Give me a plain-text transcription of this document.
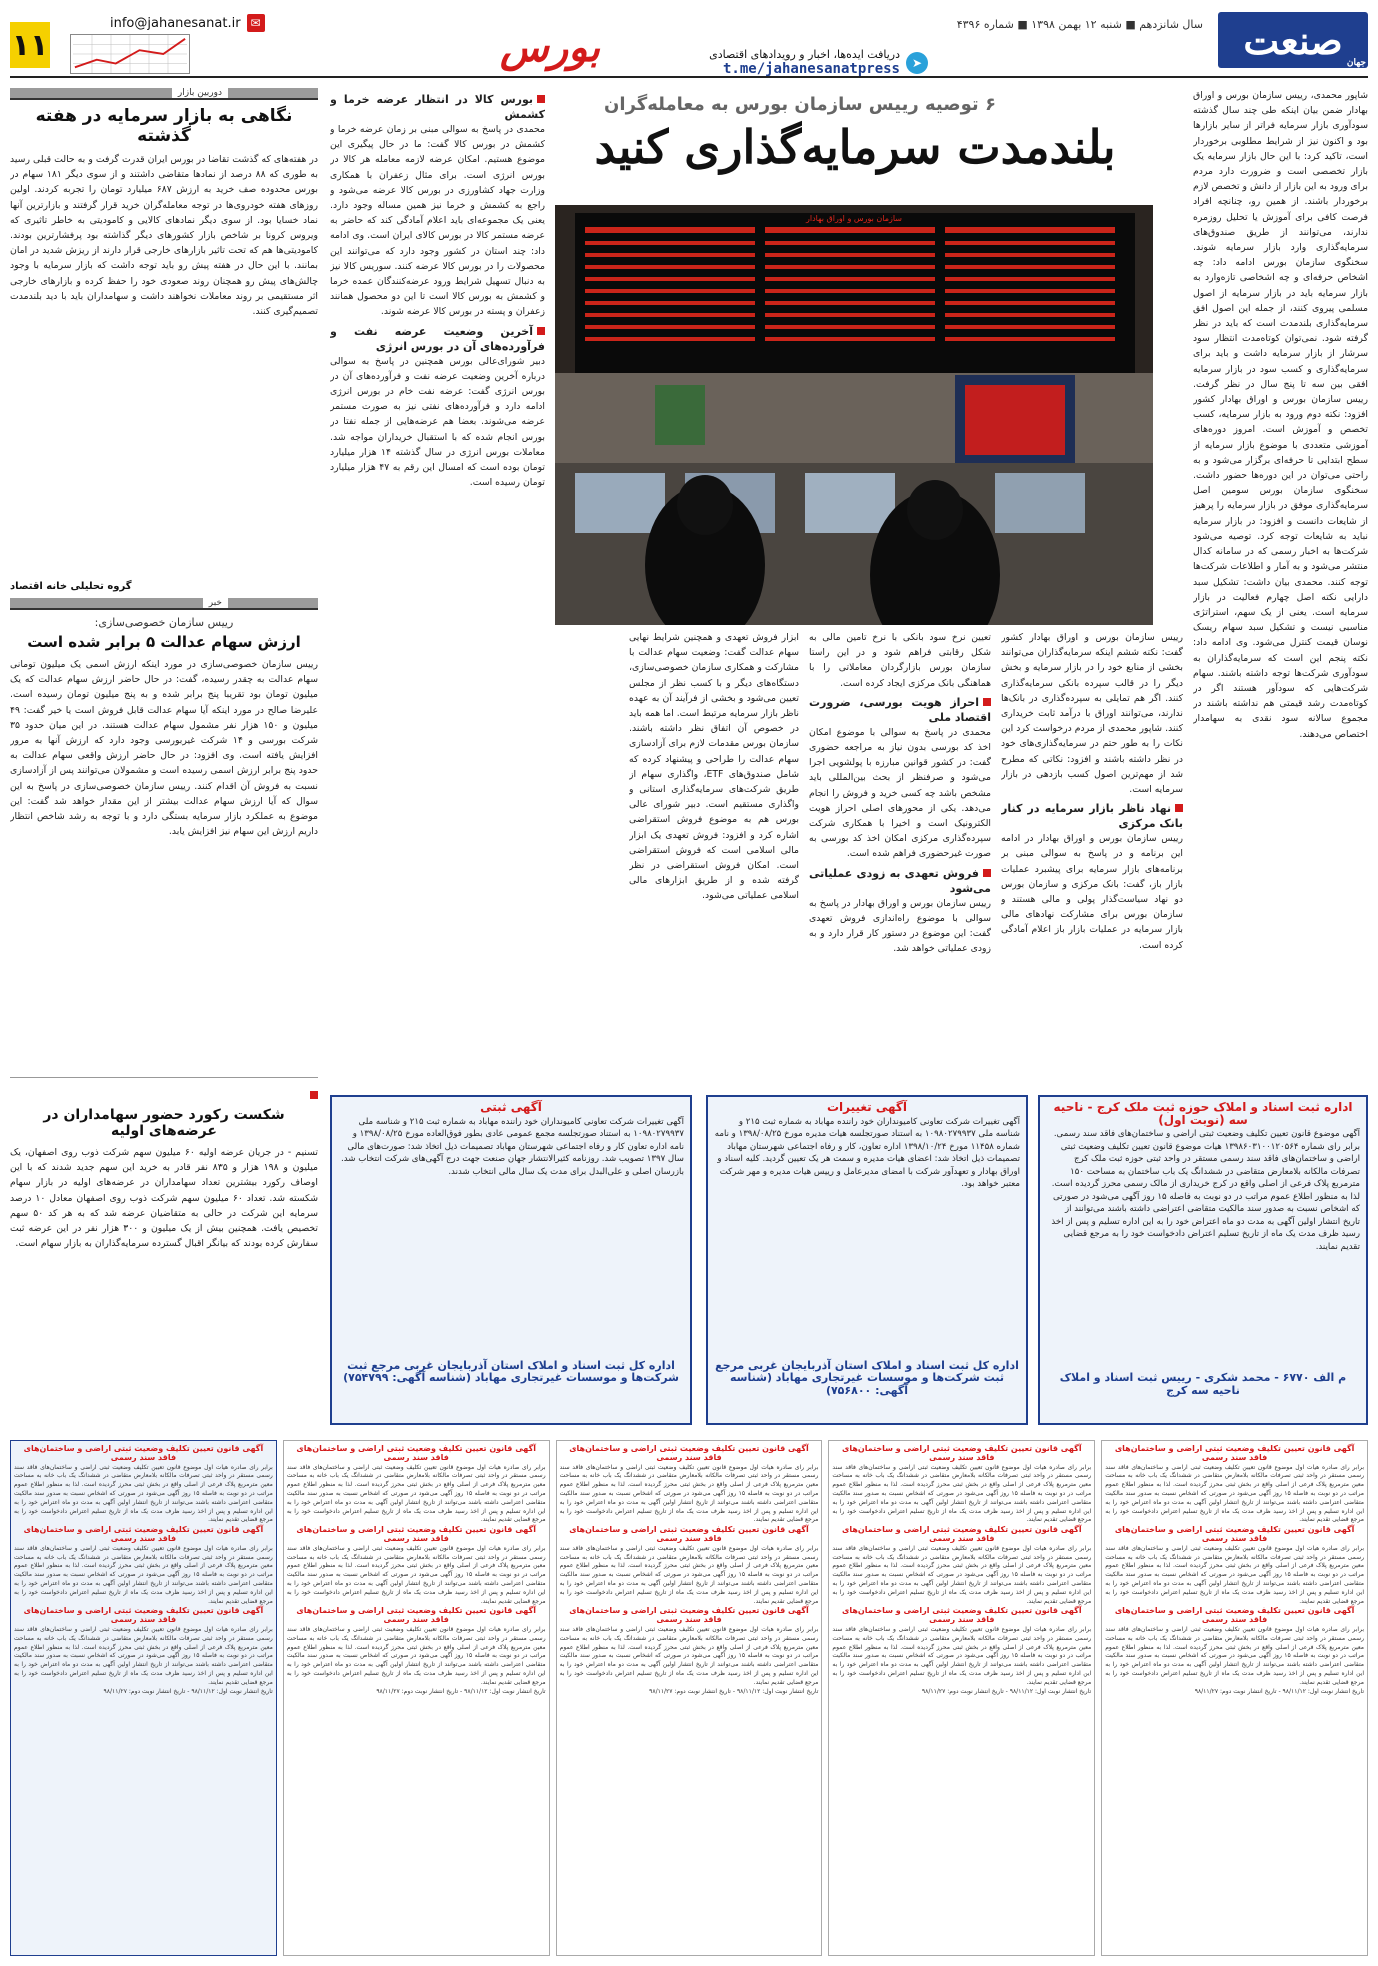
صنعت
جهان
سال شانزدهم ■ شنبه ۱۲ بهمن ۱۳۹۸ ■ شماره ۴۳۹۶
➤
دریافت ایده‌ها، اخبار و رویدادهای اقتصادی
t.me/jahanesanatpress
بورس
info@jahanesanat.ir ✉
۱۱
دوربین بازار
نگاهی به بازار سرمایه در هفته گذشته
در هفته‌های که گذشت تقاضا در بورس ایران قدرت گرفت و به حالت قبلی رسید به طوری که ۸۸ درصد از نمادها متقاضی داشتند و از سوی دیگر ۱۸۱ سهام در بورس محدوده صف خرید به ارزش ۶۸۷ میلیارد تومان را تجربه کردند. اولین روزهای هفته خودروی‌ها در توجه معامله‌گران خرید قرار گرفتند و بازارترین آنها نماد خسایا بود. از سوی دیگر نمادهای کالایی و کامودیتی به خاطر تاثیری که ویروس کرونا بر شاخص بازار کشورهای دیگر گذاشته بود پرفشارترین بودند. کامودیتی‌ها هم که تحت تاثیر بازارهای خارجی قرار دارند از ریزش شدید در امان بمانند. با این حال در هفته پیش رو باید توجه داشت که بازار سرمایه با وجود چالش‌های پیش رو همچنان روند صعودی خود را حفظ کرده و بازارهای خارجی اثر مستقیمی بر روند معاملات نخواهند داشت و سهامداران باید با دید بلندمدت تصمیم‌گیری کنند.
گروه تحلیلی خانه اقتصاد
خبر
رییس سازمان خصوصی‌سازی:
ارزش سهام عدالت ۵ برابر شده است
رییس سازمان خصوصی‌سازی در مورد اینکه ارزش اسمی یک میلیون تومانی سهام عدالت به چقدر رسیده، گفت: در حال حاضر ارزش سهام عدالت که یک میلیون تومان بود تقریبا پنج برابر شده و به پنج میلیون تومان رسیده است. علیرضا صالح در مورد اینکه آیا سهام عدالت قابل فروش است یا خیر گفت: ۴۹ میلیون و ۱۵۰ هزار نفر مشمول سهام عدالت هستند. در این میان حدود ۳۵ شرکت بورسی و ۱۴ شرکت غیربورسی وجود دارد که ارزش آنها به مرور افزایش یافته است. وی افزود: در حال حاضر ارزش واقعی سهام عدالت به حدود پنج برابر ارزش اسمی رسیده است و مشمولان می‌توانند پس از آزادسازی نسبت به فروش آن اقدام کنند. رییس سازمان خصوصی‌سازی در پاسخ به این سوال که آیا ارزش سهام عدالت بیشتر از این مقدار خواهد شد گفت: این موضوع به عملکرد بازار سرمایه بستگی دارد و با توجه به رشد شاخص انتظار داریم ارزش این سهام نیز افزایش یابد.
شکست رکورد حضور سهامداران در عرضه‌های اولیه
تسنیم - در جریان عرضه اولیه ۶۰ میلیون سهم شرکت ذوب روی اصفهان، یک میلیون و ۱۹۸ هزار و ۸۳۵ نفر قادر به خرید این سهم جدید شدند که با این اوصاف رکورد بیشترین تعداد سهامداران در عرضه‌های اولیه در بازار سهام شکسته شد. تعداد ۶۰ میلیون سهم شرکت ذوب روی اصفهان معادل ۱۰ درصد سرمایه این شرکت در حالی به متقاضیان عرضه شد که به هر کد ۵۰ سهم تخصیص یافت. همچنین بیش از یک میلیون و ۳۰۰ هزار نفر در این عرضه ثبت سفارش کرده بودند که بیانگر اقبال گسترده سرمایه‌گذاران به بازار سهام است.
۶ توصیه رییس سازمان بورس به معامله‌گران
بلندمدت سرمایه‌گذاری کنید
سازمان بورس و اوراق بهادار
شاپور محمدی، رییس سازمان بورس و اوراق بهادار ضمن بیان اینکه طی چند سال گذشته سودآوری بازار سرمایه فراتر از سایر بازارها بود و اکنون نیز از شرایط مطلوبی برخوردار است، تاکید کرد: با این حال بازار سرمایه یک بازار تخصصی است و ضرورت دارد مردم برای ورود به این بازار از دانش و تخصص لازم برخوردار باشند. از همین رو، چنانچه افراد فرصت کافی برای آموزش یا تحلیل روزمره ندارند، می‌توانند از طریق صندوق‌های سرمایه‌گذاری وارد بازار سرمایه شوند. سخنگوی سازمان بورس ادامه داد: چه اشخاص حرفه‌ای و چه اشخاصی تازه‌وارد به بازار سرمایه باید در بازار سرمایه از اصول مسلمی پیروی کنند، از جمله این اصول افق سرمایه‌گذاری بلندمدت است که باید در نظر گرفته شود. نمی‌توان کوتاه‌مدت انتظار سود سرشار از بازار سرمایه داشت و باید برای سرمایه‌گذاری و کسب سود در بازار سرمایه افقی بین سه تا پنج سال در نظر گرفت. رییس سازمان بورس و اوراق بهادار کشور افزود: نکته دوم ورود به بازار سرمایه، کسب تخصص و آموزش است. امروز دوره‌های آموزشی متعددی با موضوع بازار سرمایه از سطح ابتدایی تا حرفه‌ای برگزار می‌شود و به راحتی می‌توان در این دوره‌ها حضور داشت. سخنگوی سازمان بورس سومین اصل سرمایه‌گذاری موفق در بازار سرمایه را پرهیز از شایعات دانست و افزود: در بازار سرمایه نباید به شایعات توجه کرد. توصیه می‌شود شرکت‌ها به اخبار رسمی که در سامانه کدال منتشر می‌شود و به آمار و اطلاعات شرکت‌ها توجه کنند. محمدی بیان داشت: تشکیل سبد دارایی نکته اصل چهارم فعالیت در بازار سرمایه است. یعنی از یک سهم، استراتژی مناسبی نیست و تشکیل سبد سهام ریسک نوسان قیمت کنترل می‌شود. وی ادامه داد: نکته پنجم این است که سرمایه‌گذاران به سودآوری شرکت‌ها توجه داشته باشند. سهام شرکت‌هایی که سودآور هستند اگر در کوتاه‌مدت رشد قیمتی هم نداشته باشند در مجموع سالانه سود نقدی به سهامدار اختصاص می‌دهند.
رییس سازمان بورس و اوراق بهادار کشور گفت: نکته ششم اینکه سرمایه‌گذاران می‌توانند بخشی از منابع خود را در بازار سرمایه و بخش دیگر را در قالب سپرده بانکی سرمایه‌گذاری کنند. اگر هم تمایلی به سپرده‌گذاری در بانک‌ها ندارند، می‌توانند اوراق با درآمد ثابت خریداری کنند. شاپور محمدی از مردم درخواست کرد این نکات را به طور حتم در سرمایه‌گذاری‌های خود در نظر داشته باشند و افزود: نکاتی که مطرح شد از مهم‌ترین اصول کسب بازدهی در بازار سرمایه است.
نهاد ناظر بازار سرمایه در کنار بانک مرکزی
رییس سازمان بورس و اوراق بهادار در ادامه این برنامه و در پاسخ به سوالی مبنی بر برنامه‌های بازار سرمایه برای پیشبرد عملیات بازار باز، گفت: بانک مرکزی و سازمان بورس دو نهاد سیاست‌گذار پولی و مالی هستند و سازمان بورس برای مشارکت نهادهای مالی بازار سرمایه در عملیات بازار باز اعلام آمادگی کرده است.
تعیین نرخ سود بانکی با نرخ تامین مالی به شکل رقابتی فراهم شود و در این راستا سازمان بورس بازارگردان معاملاتی را با هماهنگی بانک مرکزی ایجاد کرده است.
احراز هویت بورسی، ضرورت اقتصاد ملی
محمدی در پاسخ به سوالی با موضوع امکان اخذ کد بورسی بدون نیاز به مراجعه حضوری گفت: در کشور قوانین مبارزه با پولشویی اجرا می‌شود و صرفنظر از بحث بین‌المللی باید مشخص باشد چه کسی خرید و فروش را انجام می‌دهد. یکی از محورهای اصلی احراز هویت الکترونیک است و اخیرا با همکاری شرکت سپرده‌گذاری مرکزی امکان اخذ کد بورسی به صورت غیرحضوری فراهم شده است.
فروش تعهدی به زودی عملیاتی می‌شود
رییس سازمان بورس و اوراق بهادار در پاسخ به سوالی با موضوع راه‌اندازی فروش تعهدی گفت: این موضوع در دستور کار قرار دارد و به زودی عملیاتی خواهد شد.
ابزار فروش تعهدی و همچنین شرایط نهایی سهام عدالت گفت: وضعیت سهام عدالت با مشارکت و همکاری سازمان خصوصی‌سازی، دستگاه‌های دیگر و با کسب نظر از مجلس تعیین می‌شود و بخشی از فرآیند آن به عهده ناظر بازار سرمایه مرتبط است. اما همه باید در خصوص آن اتفاق نظر داشته باشند. سازمان بورس مقدمات لازم برای آزادسازی سهام عدالت را طراحی و پیشنهاد کرده که شامل صندوق‌های ETF، واگذاری سهام از طریق شرکت‌های سرمایه‌گذاری استانی و واگذاری مستقیم است. دبیر شورای عالی بورس هم به موضوع فروش استقراضی اشاره کرد و افزود: فروش تعهدی یک ابزار مالی اسلامی است که فروش استقراضی است. امکان فروش استقراضی در نظر گرفته شده و از طریق ابزارهای مالی اسلامی عملیاتی می‌شود.
بورس کالا در انتظار عرضه خرما و کشمش
محمدی در پاسخ به سوالی مبنی بر زمان عرضه خرما و کشمش در بورس کالا گفت: ما در حال پیگیری این موضوع هستیم. امکان عرضه لازمه معامله هر کالا در بورس انرژی است. برای مثال زعفران با همکاری وزارت جهاد کشاورزی در بورس کالا عرضه می‌شود و راجع به کشمش و خرما نیز همین مساله وجود دارد. یعنی یک مجموعه‌ای باید اعلام آمادگی کند که حاضر به عرضه مستمر کالا در بورس کالای ایران است. وی ادامه داد: چند استان در کشور وجود دارد که می‌توانند این محصولات را در بورس کالا عرضه کنند. سوریس کالا نیز به دنبال تسهیل شرایط ورود عرضه‌کنندگان عمده خرما و کشمش به بورس کالا است تا این دو محصول همانند زعفران و پسته در بورس کالا عرضه شوند.
آخرین وضعیت عرضه نفت و فرآورده‌های آن در بورس انرژی
دبیر شورای‌عالی بورس همچنین در پاسخ به سوالی درباره آخرین وضعیت عرضه نفت و فرآورده‌های آن در بورس انرژی گفت: عرضه نفت خام در بورس انرژی ادامه دارد و فرآورده‌های نفتی نیز به صورت مستمر عرضه می‌شوند. بعضا هم عرضه‌هایی از جمله نفتا در بورس انجام شده که با استقبال خریداران مواجه شد. معاملات بورس انرژی در سال گذشته ۱۴ هزار میلیارد تومان بوده است که امسال این رقم به ۴۷ هزار میلیارد تومان رسیده است.
اداره ثبت اسناد و املاک حوزه ثبت ملک کرج - ناحیه سه (نوبت اول)
آگهی موضوع قانون تعیین تکلیف وضعیت ثبتی اراضی و ساختمان‌های فاقد سند رسمی. برابر رای شماره ۱۳۹۸۶۰۳۱۰۰۱۲۰۵۶۴ هیات موضوع قانون تعیین تکلیف وضعیت ثبتی اراضی و ساختمان‌های فاقد سند رسمی مستقر در واحد ثبتی حوزه ثبت ملک کرج تصرفات مالکانه بلامعارض متقاضی در ششدانگ یک باب ساختمان به مساحت ۱۵۰ مترمربع پلاک فرعی از اصلی واقع در کرج خریداری از مالک رسمی محرز گردیده است. لذا به منظور اطلاع عموم مراتب در دو نوبت به فاصله ۱۵ روز آگهی می‌شود در صورتی که اشخاص نسبت به صدور سند مالکیت متقاضی اعتراضی داشته باشند می‌توانند از تاریخ انتشار اولین آگهی به مدت دو ماه اعتراض خود را به این اداره تسلیم و پس از اخذ رسید ظرف مدت یک ماه از تاریخ تسلیم اعتراض دادخواست خود را به مرجع قضایی تقدیم نمایند.
م الف ۶۷۷۰ - محمد شکری - رییس ثبت اسناد و املاک ناحیه سه کرج
آگهی تغییرات
آگهی تغییرات شرکت تعاونی کامیونداران خود راننده مهاباد به شماره ثبت ۲۱۵ و شناسه ملی ۱۰۹۸۰۲۷۹۹۳۷ به استناد صورتجلسه هیات مدیره مورخ ۱۳۹۸/۰۸/۲۵ و نامه شماره ۱۱۴۵۸ مورخ ۱۳۹۸/۱۰/۲۴ اداره تعاون، کار و رفاه اجتماعی شهرستان مهاباد تصمیمات ذیل اتخاذ شد: اعضای هیات مدیره و سمت هر یک تعیین گردید. کلیه اسناد و اوراق بهادار و تعهدآور شرکت با امضای مدیرعامل و رییس هیات مدیره و مهر شرکت معتبر خواهد بود.
اداره کل ثبت اسناد و املاک استان آذربایجان غربی مرجع ثبت شرکت‌ها و موسسات غیرتجاری مهاباد (شناسه آگهی: ۷۵۶۸۰۰)
آگهی ثبتی
آگهی تغییرات شرکت تعاونی کامیونداران خود راننده مهاباد به شماره ثبت ۲۱۵ و شناسه ملی ۱۰۹۸۰۲۷۹۹۳۷ به استناد صورتجلسه مجمع عمومی عادی بطور فوق‌العاده مورخ ۱۳۹۸/۰۸/۲۵ و نامه اداره تعاون کار و رفاه اجتماعی شهرستان مهاباد تصمیمات ذیل اتخاذ شد: صورت‌های مالی سال ۱۳۹۷ تصویب شد. روزنامه کثیرالانتشار جهان صنعت جهت درج آگهی‌های شرکت انتخاب شد. بازرسان اصلی و علی‌البدل برای مدت یک سال مالی انتخاب شدند.
اداره کل ثبت اسناد و املاک استان آذربایجان غربی مرجع ثبت شرکت‌ها و موسسات غیرتجاری مهاباد (شناسه آگهی: ۷۵۴۷۹۹)
آگهی قانون تعیین تکلیف وضعیت ثبتی اراضی و ساختمان‌های فاقد سند رسمی
برابر رای صادره هیات اول موضوع قانون تعیین تکلیف وضعیت ثبتی اراضی و ساختمان‌های فاقد سند رسمی مستقر در واحد ثبتی تصرفات مالکانه بلامعارض متقاضی در ششدانگ یک باب خانه به مساحت معین مترمربع پلاک فرعی از اصلی واقع در بخش ثبتی محرز گردیده است. لذا به منظور اطلاع عموم مراتب در دو نوبت به فاصله ۱۵ روز آگهی می‌شود در صورتی که اشخاص نسبت به صدور سند مالکیت متقاضی اعتراضی داشته باشند می‌توانند از تاریخ انتشار اولین آگهی به مدت دو ماه اعتراض خود را به این اداره تسلیم و پس از اخذ رسید ظرف مدت یک ماه از تاریخ تسلیم اعتراض دادخواست خود را به مرجع قضایی تقدیم نمایند.
آگهی قانون تعیین تکلیف وضعیت ثبتی اراضی و ساختمان‌های فاقد سند رسمی
برابر رای صادره هیات اول موضوع قانون تعیین تکلیف وضعیت ثبتی اراضی و ساختمان‌های فاقد سند رسمی مستقر در واحد ثبتی تصرفات مالکانه بلامعارض متقاضی در ششدانگ یک باب خانه به مساحت معین مترمربع پلاک فرعی از اصلی واقع در بخش ثبتی محرز گردیده است. لذا به منظور اطلاع عموم مراتب در دو نوبت به فاصله ۱۵ روز آگهی می‌شود در صورتی که اشخاص نسبت به صدور سند مالکیت متقاضی اعتراضی داشته باشند می‌توانند از تاریخ انتشار اولین آگهی به مدت دو ماه اعتراض خود را به این اداره تسلیم و پس از اخذ رسید ظرف مدت یک ماه از تاریخ تسلیم اعتراض دادخواست خود را به مرجع قضایی تقدیم نمایند.
آگهی قانون تعیین تکلیف وضعیت ثبتی اراضی و ساختمان‌های فاقد سند رسمی
برابر رای صادره هیات اول موضوع قانون تعیین تکلیف وضعیت ثبتی اراضی و ساختمان‌های فاقد سند رسمی مستقر در واحد ثبتی تصرفات مالکانه بلامعارض متقاضی در ششدانگ یک باب خانه به مساحت معین مترمربع پلاک فرعی از اصلی واقع در بخش ثبتی محرز گردیده است. لذا به منظور اطلاع عموم مراتب در دو نوبت به فاصله ۱۵ روز آگهی می‌شود در صورتی که اشخاص نسبت به صدور سند مالکیت متقاضی اعتراضی داشته باشند می‌توانند از تاریخ انتشار اولین آگهی به مدت دو ماه اعتراض خود را به این اداره تسلیم و پس از اخذ رسید ظرف مدت یک ماه از تاریخ تسلیم اعتراض دادخواست خود را به مرجع قضایی تقدیم نمایند.
تاریخ انتشار نوبت اول: ۹۸/۱۱/۱۲ - تاریخ انتشار نوبت دوم: ۹۸/۱۱/۲۷
آگهی قانون تعیین تکلیف وضعیت ثبتی اراضی و ساختمان‌های فاقد سند رسمی
برابر رای صادره هیات اول موضوع قانون تعیین تکلیف وضعیت ثبتی اراضی و ساختمان‌های فاقد سند رسمی مستقر در واحد ثبتی تصرفات مالکانه بلامعارض متقاضی در ششدانگ یک باب خانه به مساحت معین مترمربع پلاک فرعی از اصلی واقع در بخش ثبتی محرز گردیده است. لذا به منظور اطلاع عموم مراتب در دو نوبت به فاصله ۱۵ روز آگهی می‌شود در صورتی که اشخاص نسبت به صدور سند مالکیت متقاضی اعتراضی داشته باشند می‌توانند از تاریخ انتشار اولین آگهی به مدت دو ماه اعتراض خود را به این اداره تسلیم و پس از اخذ رسید ظرف مدت یک ماه از تاریخ تسلیم اعتراض دادخواست خود را به مرجع قضایی تقدیم نمایند.
آگهی قانون تعیین تکلیف وضعیت ثبتی اراضی و ساختمان‌های فاقد سند رسمی
برابر رای صادره هیات اول موضوع قانون تعیین تکلیف وضعیت ثبتی اراضی و ساختمان‌های فاقد سند رسمی مستقر در واحد ثبتی تصرفات مالکانه بلامعارض متقاضی در ششدانگ یک باب خانه به مساحت معین مترمربع پلاک فرعی از اصلی واقع در بخش ثبتی محرز گردیده است. لذا به منظور اطلاع عموم مراتب در دو نوبت به فاصله ۱۵ روز آگهی می‌شود در صورتی که اشخاص نسبت به صدور سند مالکیت متقاضی اعتراضی داشته باشند می‌توانند از تاریخ انتشار اولین آگهی به مدت دو ماه اعتراض خود را به این اداره تسلیم و پس از اخذ رسید ظرف مدت یک ماه از تاریخ تسلیم اعتراض دادخواست خود را به مرجع قضایی تقدیم نمایند.
آگهی قانون تعیین تکلیف وضعیت ثبتی اراضی و ساختمان‌های فاقد سند رسمی
برابر رای صادره هیات اول موضوع قانون تعیین تکلیف وضعیت ثبتی اراضی و ساختمان‌های فاقد سند رسمی مستقر در واحد ثبتی تصرفات مالکانه بلامعارض متقاضی در ششدانگ یک باب خانه به مساحت معین مترمربع پلاک فرعی از اصلی واقع در بخش ثبتی محرز گردیده است. لذا به منظور اطلاع عموم مراتب در دو نوبت به فاصله ۱۵ روز آگهی می‌شود در صورتی که اشخاص نسبت به صدور سند مالکیت متقاضی اعتراضی داشته باشند می‌توانند از تاریخ انتشار اولین آگهی به مدت دو ماه اعتراض خود را به این اداره تسلیم و پس از اخذ رسید ظرف مدت یک ماه از تاریخ تسلیم اعتراض دادخواست خود را به مرجع قضایی تقدیم نمایند.
تاریخ انتشار نوبت اول: ۹۸/۱۱/۱۲ - تاریخ انتشار نوبت دوم: ۹۸/۱۱/۲۷
آگهی قانون تعیین تکلیف وضعیت ثبتی اراضی و ساختمان‌های فاقد سند رسمی
برابر رای صادره هیات اول موضوع قانون تعیین تکلیف وضعیت ثبتی اراضی و ساختمان‌های فاقد سند رسمی مستقر در واحد ثبتی تصرفات مالکانه بلامعارض متقاضی در ششدانگ یک باب خانه به مساحت معین مترمربع پلاک فرعی از اصلی واقع در بخش ثبتی محرز گردیده است. لذا به منظور اطلاع عموم مراتب در دو نوبت به فاصله ۱۵ روز آگهی می‌شود در صورتی که اشخاص نسبت به صدور سند مالکیت متقاضی اعتراضی داشته باشند می‌توانند از تاریخ انتشار اولین آگهی به مدت دو ماه اعتراض خود را به این اداره تسلیم و پس از اخذ رسید ظرف مدت یک ماه از تاریخ تسلیم اعتراض دادخواست خود را به مرجع قضایی تقدیم نمایند.
آگهی قانون تعیین تکلیف وضعیت ثبتی اراضی و ساختمان‌های فاقد سند رسمی
برابر رای صادره هیات اول موضوع قانون تعیین تکلیف وضعیت ثبتی اراضی و ساختمان‌های فاقد سند رسمی مستقر در واحد ثبتی تصرفات مالکانه بلامعارض متقاضی در ششدانگ یک باب خانه به مساحت معین مترمربع پلاک فرعی از اصلی واقع در بخش ثبتی محرز گردیده است. لذا به منظور اطلاع عموم مراتب در دو نوبت به فاصله ۱۵ روز آگهی می‌شود در صورتی که اشخاص نسبت به صدور سند مالکیت متقاضی اعتراضی داشته باشند می‌توانند از تاریخ انتشار اولین آگهی به مدت دو ماه اعتراض خود را به این اداره تسلیم و پس از اخذ رسید ظرف مدت یک ماه از تاریخ تسلیم اعتراض دادخواست خود را به مرجع قضایی تقدیم نمایند.
آگهی قانون تعیین تکلیف وضعیت ثبتی اراضی و ساختمان‌های فاقد سند رسمی
برابر رای صادره هیات اول موضوع قانون تعیین تکلیف وضعیت ثبتی اراضی و ساختمان‌های فاقد سند رسمی مستقر در واحد ثبتی تصرفات مالکانه بلامعارض متقاضی در ششدانگ یک باب خانه به مساحت معین مترمربع پلاک فرعی از اصلی واقع در بخش ثبتی محرز گردیده است. لذا به منظور اطلاع عموم مراتب در دو نوبت به فاصله ۱۵ روز آگهی می‌شود در صورتی که اشخاص نسبت به صدور سند مالکیت متقاضی اعتراضی داشته باشند می‌توانند از تاریخ انتشار اولین آگهی به مدت دو ماه اعتراض خود را به این اداره تسلیم و پس از اخذ رسید ظرف مدت یک ماه از تاریخ تسلیم اعتراض دادخواست خود را به مرجع قضایی تقدیم نمایند.
تاریخ انتشار نوبت اول: ۹۸/۱۱/۱۲ - تاریخ انتشار نوبت دوم: ۹۸/۱۱/۲۷
آگهی قانون تعیین تکلیف وضعیت ثبتی اراضی و ساختمان‌های فاقد سند رسمی
برابر رای صادره هیات اول موضوع قانون تعیین تکلیف وضعیت ثبتی اراضی و ساختمان‌های فاقد سند رسمی مستقر در واحد ثبتی تصرفات مالکانه بلامعارض متقاضی در ششدانگ یک باب خانه به مساحت معین مترمربع پلاک فرعی از اصلی واقع در بخش ثبتی محرز گردیده است. لذا به منظور اطلاع عموم مراتب در دو نوبت به فاصله ۱۵ روز آگهی می‌شود در صورتی که اشخاص نسبت به صدور سند مالکیت متقاضی اعتراضی داشته باشند می‌توانند از تاریخ انتشار اولین آگهی به مدت دو ماه اعتراض خود را به این اداره تسلیم و پس از اخذ رسید ظرف مدت یک ماه از تاریخ تسلیم اعتراض دادخواست خود را به مرجع قضایی تقدیم نمایند.
آگهی قانون تعیین تکلیف وضعیت ثبتی اراضی و ساختمان‌های فاقد سند رسمی
برابر رای صادره هیات اول موضوع قانون تعیین تکلیف وضعیت ثبتی اراضی و ساختمان‌های فاقد سند رسمی مستقر در واحد ثبتی تصرفات مالکانه بلامعارض متقاضی در ششدانگ یک باب خانه به مساحت معین مترمربع پلاک فرعی از اصلی واقع در بخش ثبتی محرز گردیده است. لذا به منظور اطلاع عموم مراتب در دو نوبت به فاصله ۱۵ روز آگهی می‌شود در صورتی که اشخاص نسبت به صدور سند مالکیت متقاضی اعتراضی داشته باشند می‌توانند از تاریخ انتشار اولین آگهی به مدت دو ماه اعتراض خود را به این اداره تسلیم و پس از اخذ رسید ظرف مدت یک ماه از تاریخ تسلیم اعتراض دادخواست خود را به مرجع قضایی تقدیم نمایند.
آگهی قانون تعیین تکلیف وضعیت ثبتی اراضی و ساختمان‌های فاقد سند رسمی
برابر رای صادره هیات اول موضوع قانون تعیین تکلیف وضعیت ثبتی اراضی و ساختمان‌های فاقد سند رسمی مستقر در واحد ثبتی تصرفات مالکانه بلامعارض متقاضی در ششدانگ یک باب خانه به مساحت معین مترمربع پلاک فرعی از اصلی واقع در بخش ثبتی محرز گردیده است. لذا به منظور اطلاع عموم مراتب در دو نوبت به فاصله ۱۵ روز آگهی می‌شود در صورتی که اشخاص نسبت به صدور سند مالکیت متقاضی اعتراضی داشته باشند می‌توانند از تاریخ انتشار اولین آگهی به مدت دو ماه اعتراض خود را به این اداره تسلیم و پس از اخذ رسید ظرف مدت یک ماه از تاریخ تسلیم اعتراض دادخواست خود را به مرجع قضایی تقدیم نمایند.
تاریخ انتشار نوبت اول: ۹۸/۱۱/۱۲ - تاریخ انتشار نوبت دوم: ۹۸/۱۱/۲۷
آگهی قانون تعیین تکلیف وضعیت ثبتی اراضی و ساختمان‌های فاقد سند رسمی
برابر رای صادره هیات اول موضوع قانون تعیین تکلیف وضعیت ثبتی اراضی و ساختمان‌های فاقد سند رسمی مستقر در واحد ثبتی تصرفات مالکانه بلامعارض متقاضی در ششدانگ یک باب خانه به مساحت معین مترمربع پلاک فرعی از اصلی واقع در بخش ثبتی محرز گردیده است. لذا به منظور اطلاع عموم مراتب در دو نوبت به فاصله ۱۵ روز آگهی می‌شود در صورتی که اشخاص نسبت به صدور سند مالکیت متقاضی اعتراضی داشته باشند می‌توانند از تاریخ انتشار اولین آگهی به مدت دو ماه اعتراض خود را به این اداره تسلیم و پس از اخذ رسید ظرف مدت یک ماه از تاریخ تسلیم اعتراض دادخواست خود را به مرجع قضایی تقدیم نمایند.
آگهی قانون تعیین تکلیف وضعیت ثبتی اراضی و ساختمان‌های فاقد سند رسمی
برابر رای صادره هیات اول موضوع قانون تعیین تکلیف وضعیت ثبتی اراضی و ساختمان‌های فاقد سند رسمی مستقر در واحد ثبتی تصرفات مالکانه بلامعارض متقاضی در ششدانگ یک باب خانه به مساحت معین مترمربع پلاک فرعی از اصلی واقع در بخش ثبتی محرز گردیده است. لذا به منظور اطلاع عموم مراتب در دو نوبت به فاصله ۱۵ روز آگهی می‌شود در صورتی که اشخاص نسبت به صدور سند مالکیت متقاضی اعتراضی داشته باشند می‌توانند از تاریخ انتشار اولین آگهی به مدت دو ماه اعتراض خود را به این اداره تسلیم و پس از اخذ رسید ظرف مدت یک ماه از تاریخ تسلیم اعتراض دادخواست خود را به مرجع قضایی تقدیم نمایند.
آگهی قانون تعیین تکلیف وضعیت ثبتی اراضی و ساختمان‌های فاقد سند رسمی
برابر رای صادره هیات اول موضوع قانون تعیین تکلیف وضعیت ثبتی اراضی و ساختمان‌های فاقد سند رسمی مستقر در واحد ثبتی تصرفات مالکانه بلامعارض متقاضی در ششدانگ یک باب خانه به مساحت معین مترمربع پلاک فرعی از اصلی واقع در بخش ثبتی محرز گردیده است. لذا به منظور اطلاع عموم مراتب در دو نوبت به فاصله ۱۵ روز آگهی می‌شود در صورتی که اشخاص نسبت به صدور سند مالکیت متقاضی اعتراضی داشته باشند می‌توانند از تاریخ انتشار اولین آگهی به مدت دو ماه اعتراض خود را به این اداره تسلیم و پس از اخذ رسید ظرف مدت یک ماه از تاریخ تسلیم اعتراض دادخواست خود را به مرجع قضایی تقدیم نمایند.
تاریخ انتشار نوبت اول: ۹۸/۱۱/۱۲ - تاریخ انتشار نوبت دوم: ۹۸/۱۱/۲۷
